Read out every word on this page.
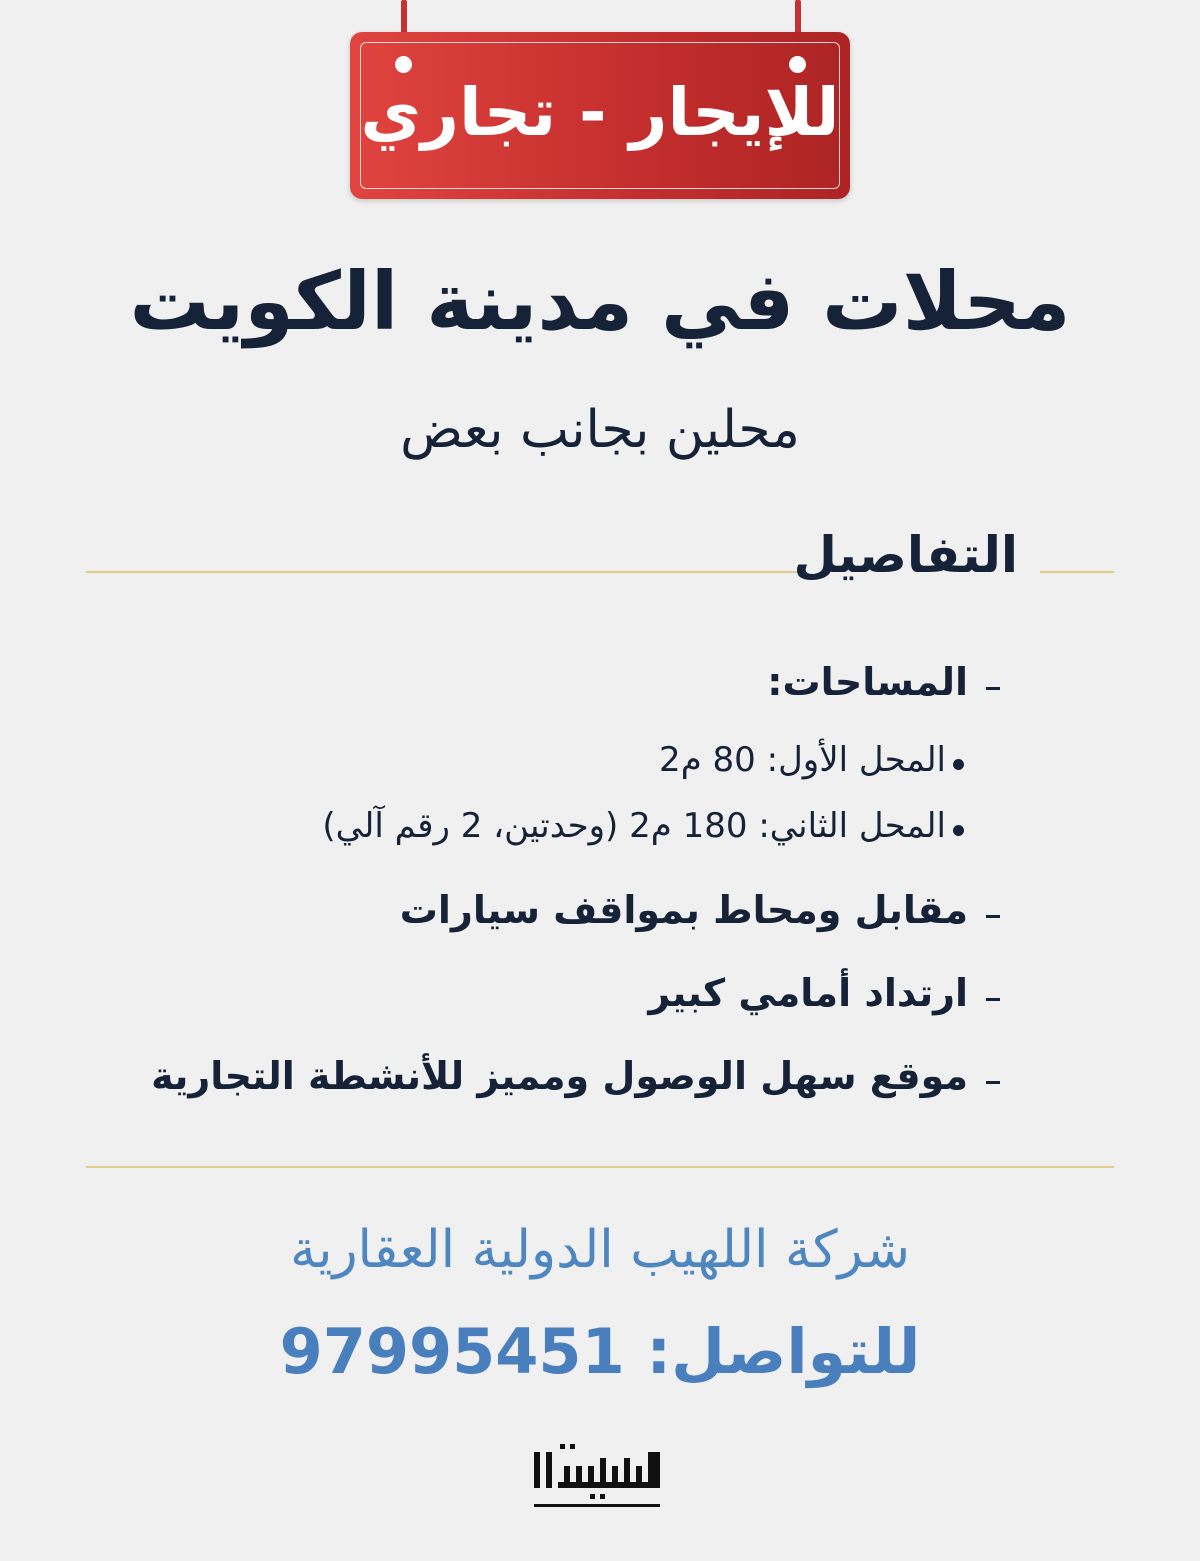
للإيجار - تجاري
محلات في مدينة الكويت
محلين بجانب بعض
التفاصيل
المساحات:
المحل الأول: 80 م2
المحل الثاني: 180 م2 (وحدتين، 2 رقم آلي)
مقابل ومحاط بمواقف سيارات
ارتداد أمامي كبير
موقع سهل الوصول ومميز للأنشطة التجارية
شركة اللهيب الدولية العقارية
للتواصل: 97995451
